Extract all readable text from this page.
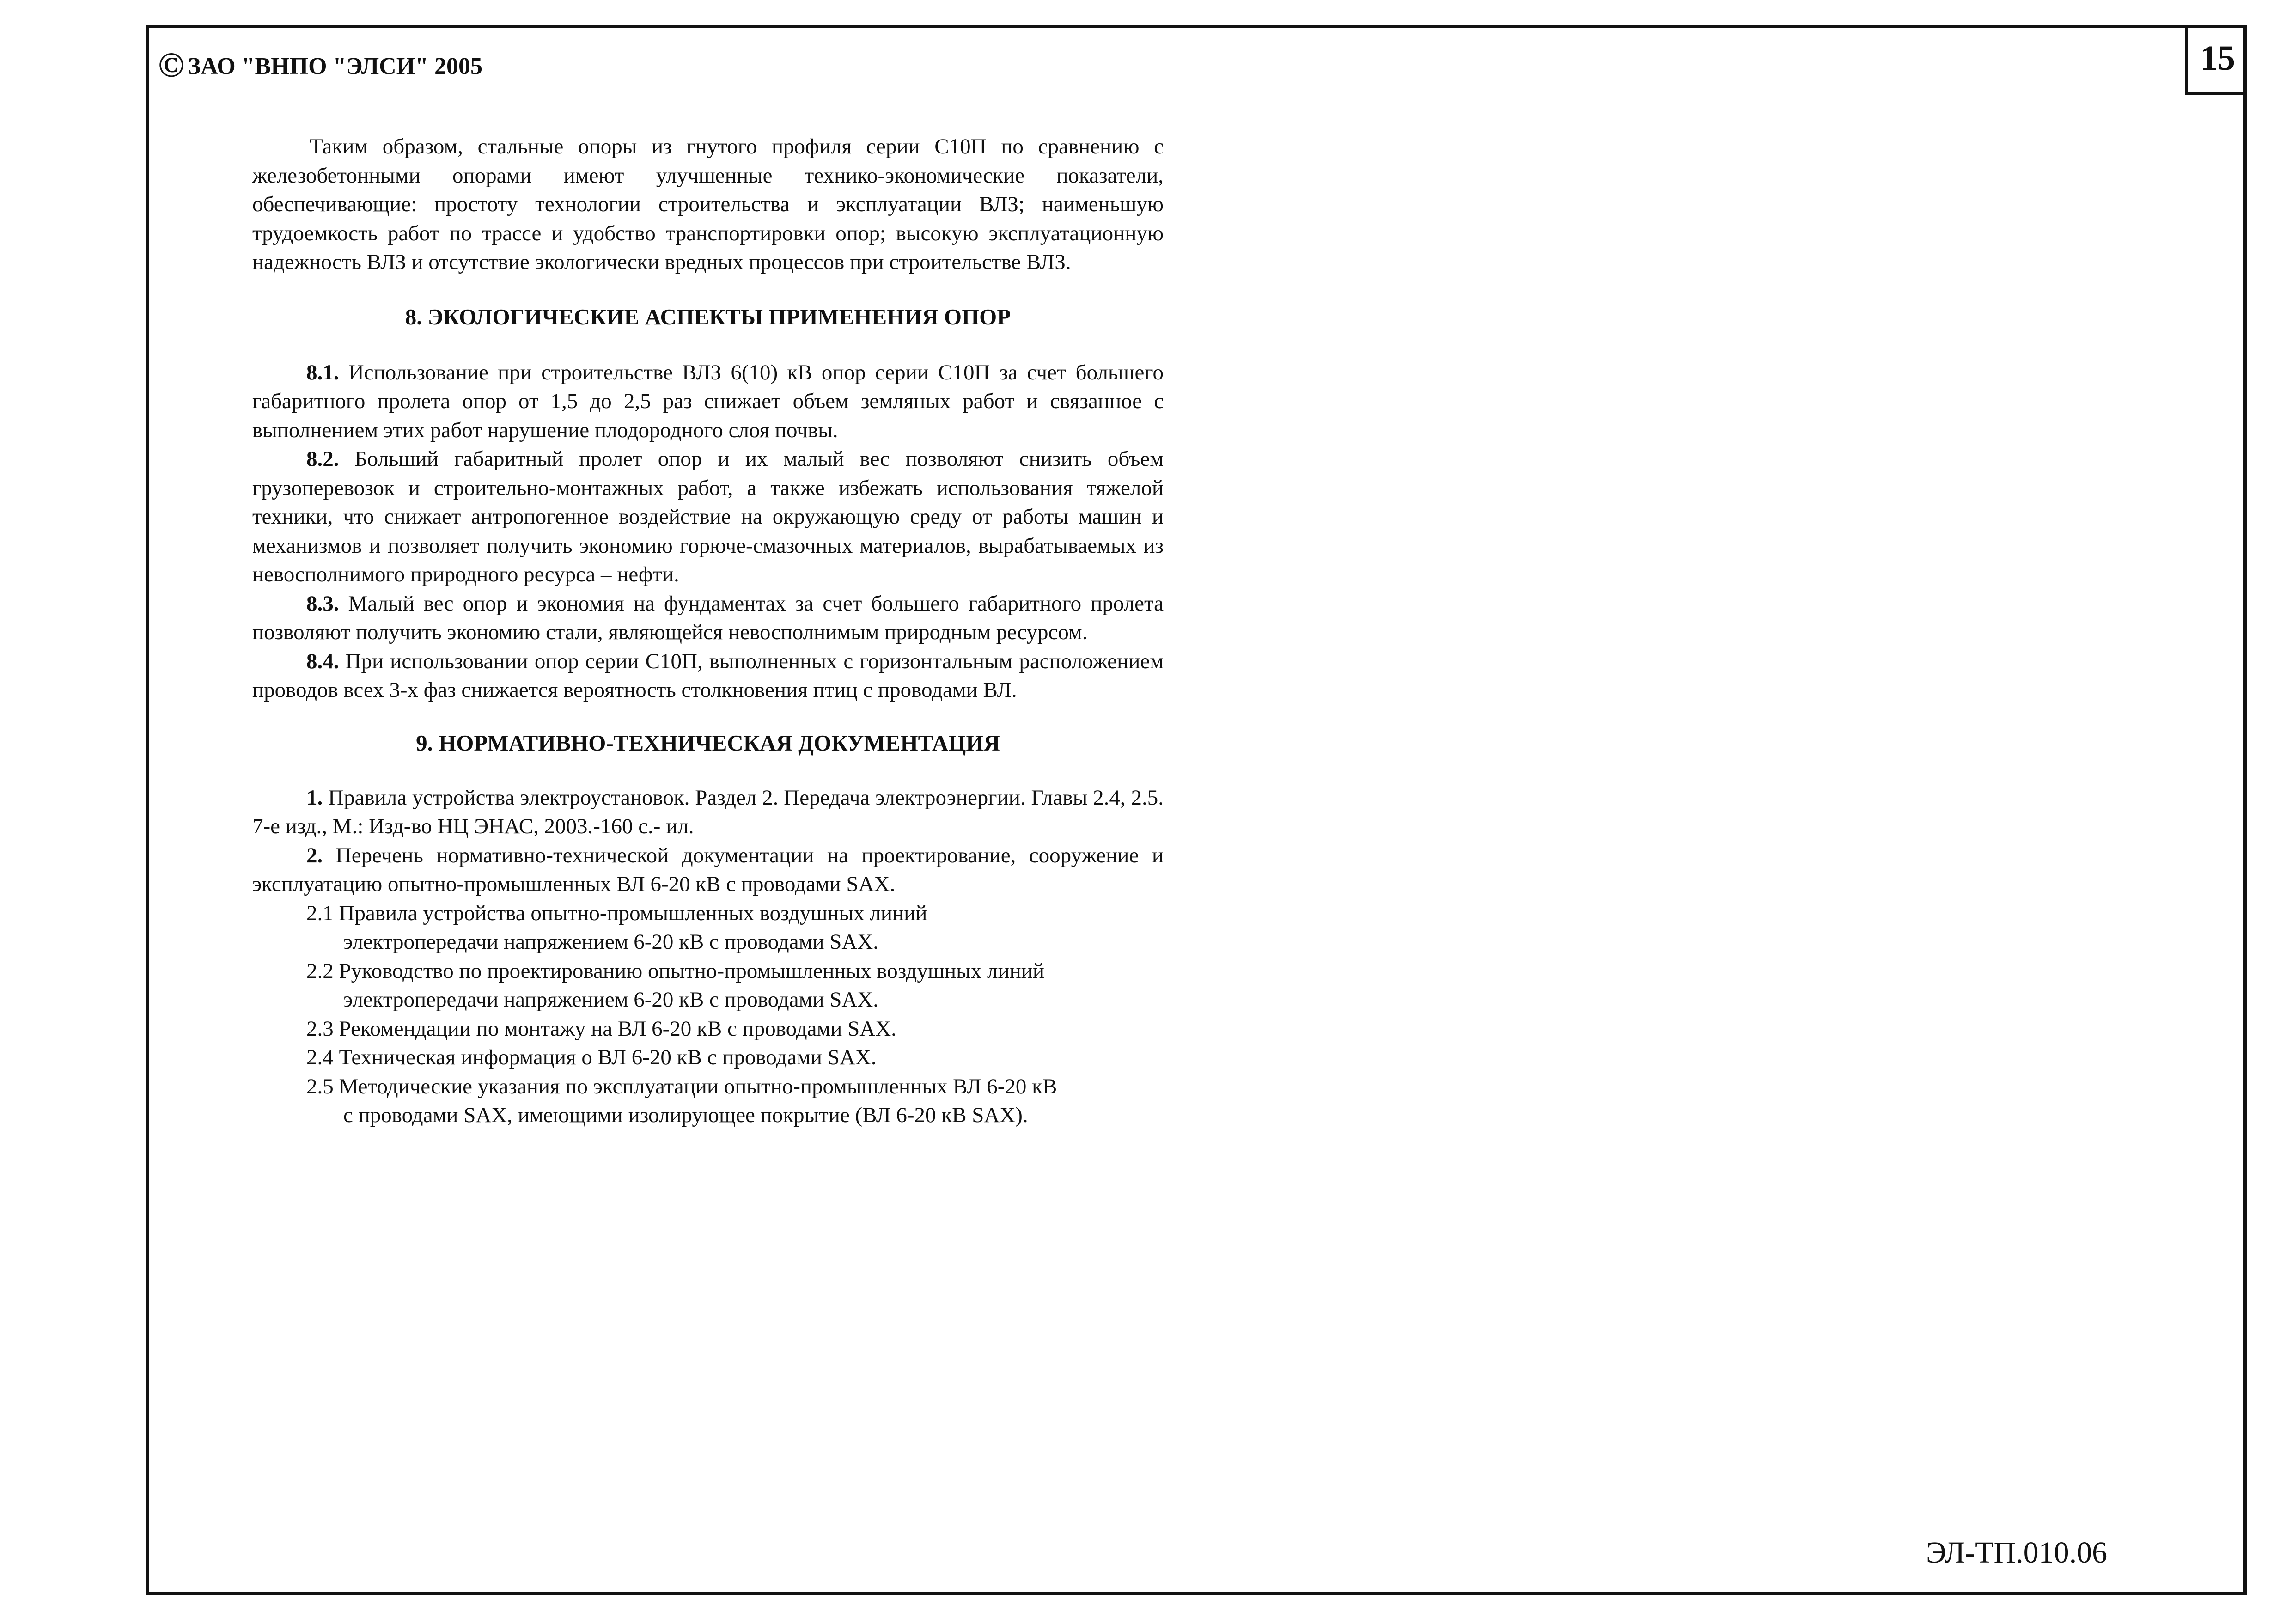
15
© ЗАО "ВНПО "ЭЛСИ" 2005

Таким образом, стальные опоры из гнутого профиля серии С10П по сравнению с железобетонными опорами имеют улучшенные технико-экономические показатели, обеспечивающие: простоту технологии строительства и эксплуатации ВЛЗ; наименьшую трудоемкость работ по трассе и удобство транспортировки опор; высокую эксплуатационную надежность ВЛЗ и отсутствие экологически вредных процессов при строительстве ВЛЗ.

8. ЭКОЛОГИЧЕСКИЕ АСПЕКТЫ ПРИМЕНЕНИЯ ОПОР

8.1. Использование при строительстве ВЛЗ 6(10) кВ опор серии С10П за счет большего габаритного пролета опор от 1,5 до 2,5 раз снижает объем земляных работ и связанное с выполнением этих работ нарушение плодородного слоя почвы.

8.2. Больший габаритный пролет опор и их малый вес позволяют снизить объем грузоперевозок и строительно-монтажных работ, а также избежать использования тяжелой техники, что снижает антропогенное воздействие на окружающую среду от работы машин и механизмов и позволяет получить экономию горюче-смазочных материалов, вырабатываемых из невосполнимого природного ресурса – нефти.

8.3. Малый вес опор и экономия на фундаментах за счет большего габаритного пролета позволяют получить экономию стали, являющейся невосполнимым природным ресурсом.

8.4. При использовании опор серии С10П, выполненных с горизонтальным расположением проводов всех 3-х фаз снижается вероятность столкновения птиц с проводами ВЛ.

9. НОРМАТИВНО-ТЕХНИЧЕСКАЯ ДОКУМЕНТАЦИЯ

1. Правила устройства электроустановок. Раздел 2. Передача электроэнергии. Главы 2.4, 2.5. 7-е изд., М.: Изд-во НЦ ЭНАС, 2003.-160 с.- ил.

2. Перечень нормативно-технической документации на проектирование, сооружение и эксплуатацию опытно-промышленных ВЛ 6-20 кВ с проводами SAX.

2.1 Правила устройства опытно-промышленных воздушных линий
электропередачи напряжением 6-20 кВ с проводами SAX.

2.2 Руководство по проектированию опытно-промышленных воздушных линий
электропередачи напряжением 6-20 кВ с проводами SAX.

2.3 Рекомендации по монтажу на ВЛ 6-20 кВ с проводами SAX.

2.4 Техническая информация о ВЛ 6-20 кВ с проводами SAX.

2.5 Методические указания по эксплуатации опытно-промышленных ВЛ 6-20 кВ
с проводами SAX, имеющими изолирующее покрытие (ВЛ 6-20 кВ SAX).

ЭЛ-ТП.010.06
